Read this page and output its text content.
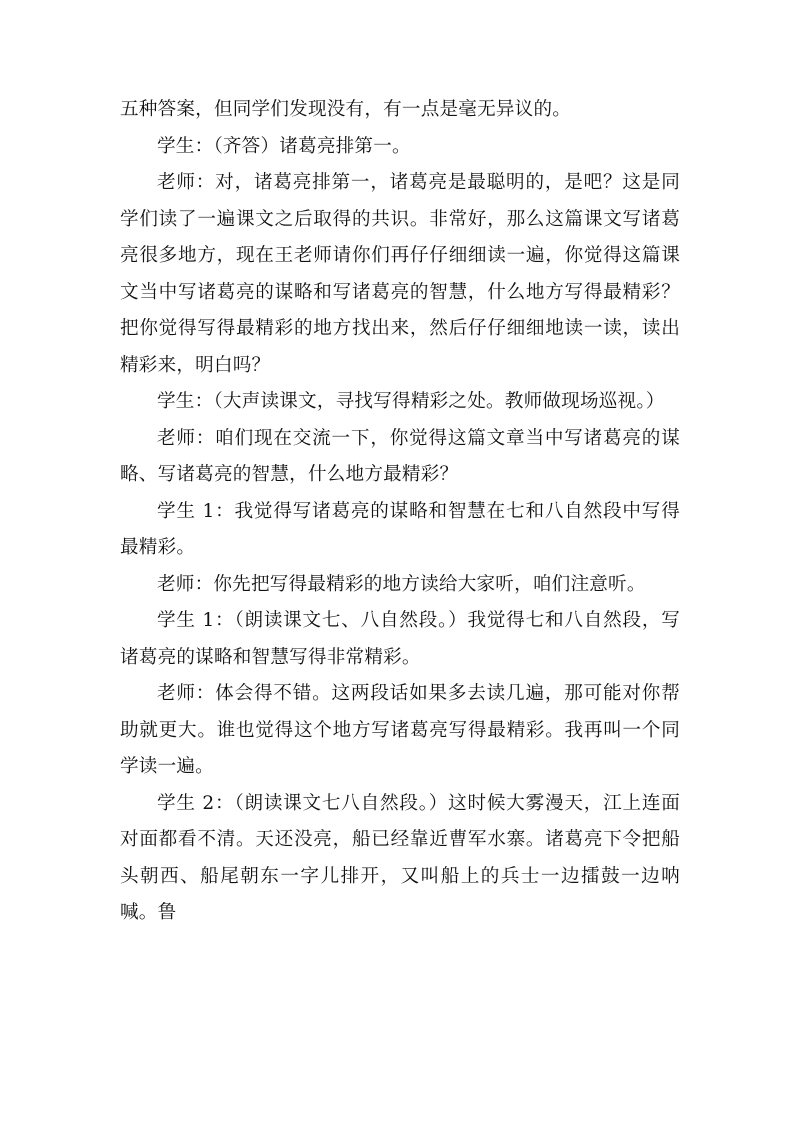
五种答案，但同学们发现没有，有一点是毫无异议的。

学生：（齐答）诸葛亮排第一。

老师：对，诸葛亮排第一，诸葛亮是最聪明的，是吧？这是同学们读了一遍课文之后取得的共识。非常好，那么这篇课文写诸葛亮很多地方，现在王老师请你们再仔仔细细读一遍，你觉得这篇课文当中写诸葛亮的谋略和写诸葛亮的智慧，什么地方写得最精彩？把你觉得写得最精彩的地方找出来，然后仔仔细细地读一读，读出精彩来，明白吗？

学生：（大声读课文，寻找写得精彩之处。教师做现场巡视。）

老师：咱们现在交流一下，你觉得这篇文章当中写诸葛亮的谋略、写诸葛亮的智慧，什么地方最精彩？

学生 1：我觉得写诸葛亮的谋略和智慧在七和八自然段中写得最精彩。

老师：你先把写得最精彩的地方读给大家听，咱们注意听。

学生 1：（朗读课文七、八自然段。）我觉得七和八自然段，写诸葛亮的谋略和智慧写得非常精彩。

老师：体会得不错。这两段话如果多去读几遍，那可能对你帮助就更大。谁也觉得这个地方写诸葛亮写得最精彩。我再叫一个同学读一遍。

学生 2：（朗读课文七八自然段。）这时候大雾漫天，江上连面对面都看不清。天还没亮，船已经靠近曹军水寨。诸葛亮下令把船头朝西、船尾朝东一字儿排开，又叫船上的兵士一边擂鼓一边呐喊。鲁
